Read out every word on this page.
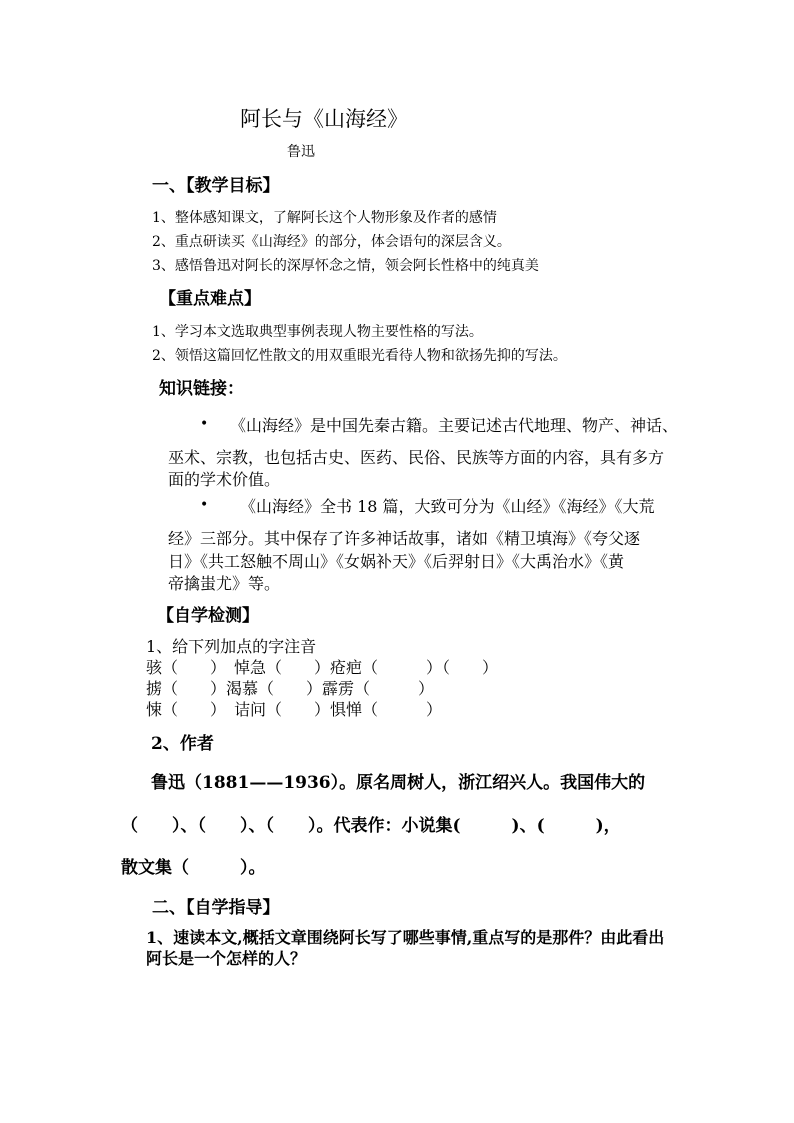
阿长与《山海经》
鲁迅
一、【教学目标】
1、整体感知课文，了解阿长这个人物形象及作者的感情
2、重点研读买《山海经》的部分，体会语句的深层含义。
3、感悟鲁迅对阿长的深厚怀念之情，领会阿长性格中的纯真美
【重点难点】
1、学习本文选取典型事例表现人物主要性格的写法。
2、领悟这篇回忆性散文的用双重眼光看待人物和欲扬先抑的写法。
知识链接：
• 《山海经》是中国先秦古籍。主要记述古代地理、物产、神话、
巫术、宗教，也包括古史、医药、民俗、民族等方面的内容，具有多方
面的学术价值。
• 《山海经》全书 18 篇，大致可分为《山经》《海经》《大荒
经》三部分。其中保存了许多神话故事，诸如《精卫填海》《夸父逐
日》《共工怒触不周山》《女娲补天》《后羿射日》《大禹治水》《黄
帝擒蚩尤》等。
【自学检测】
1、给下列加点的字注音
骇（　　）　悼急（　　）疮疤（　　　）（　　）
掳（　　）渴慕（　　）霹雳（　　　）
悚（　　）　诘问（　　）惧惮（　　　）
2、作者
鲁迅（1881——1936）。原名周树人，浙江绍兴人。我国伟大的
（　　）、（　　）、（　　）。代表作：小说集(　　　)、(　　　)，
散文集（　　　）。
二、【自学指导】
1、速读本文,概括文章围绕阿长写了哪些事情,重点写的是那件？由此看出
阿长是一个怎样的人？
